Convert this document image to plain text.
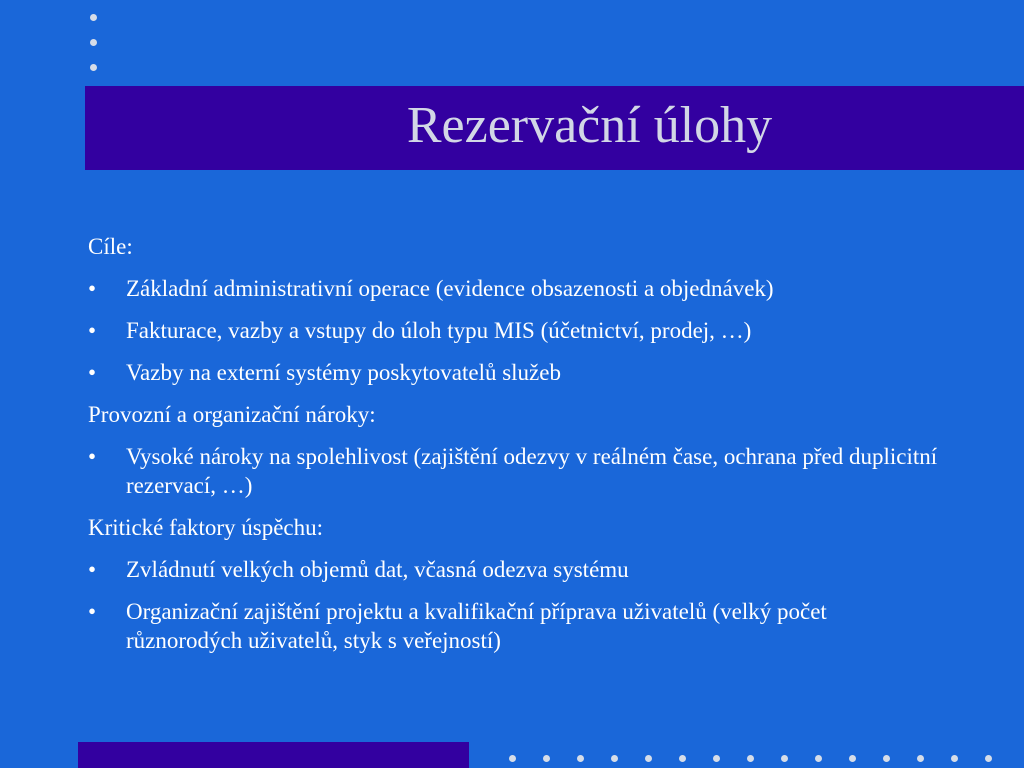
Rezervační úlohy

Cíle:

• Základní administrativní operace (evidence obsazenosti a objednávek)
• Fakturace, vazby a vstupy do úloh typu MIS (účetnictví, prodej, …)
• Vazby na externí systémy poskytovatelů služeb

Provozní a organizační nároky:

• Vysoké nároky na spolehlivost (zajištění odezvy v reálném čase, ochrana před duplicitní rezervací, …)

Kritické faktory úspěchu:

• Zvládnutí velkých objemů dat, včasná odezva systému
• Organizační zajištění projektu a kvalifikační příprava uživatelů (velký počet různorodých uživatelů, styk s veřejností)
